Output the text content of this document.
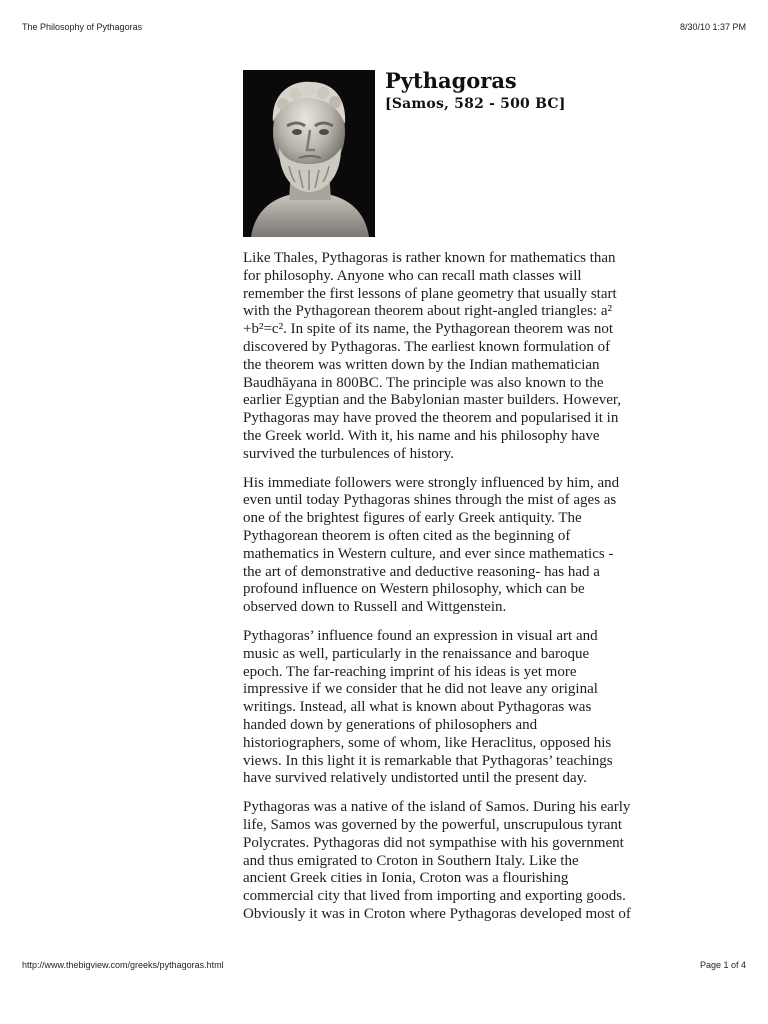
The Philosophy of Pythagoras	8/30/10 1:37 PM
Pythagoras
[Samos, 582 - 500 BC]
Like Thales, Pythagoras is rather known for mathematics than
for philosophy. Anyone who can recall math classes will
remember the first lessons of plane geometry that usually start
with the Pythagorean theorem about right-angled triangles: a²
+b²=c². In spite of its name, the Pythagorean theorem was not
discovered by Pythagoras. The earliest known formulation of
the theorem was written down by the Indian mathematician
Baudhāyana in 800BC. The principle was also known to the
earlier Egyptian and the Babylonian master builders. However,
Pythagoras may have proved the theorem and popularised it in
the Greek world. With it, his name and his philosophy have
survived the turbulences of history.
His immediate followers were strongly influenced by him, and
even until today Pythagoras shines through the mist of ages as
one of the brightest figures of early Greek antiquity. The
Pythagorean theorem is often cited as the beginning of
mathematics in Western culture, and ever since mathematics -
the art of demonstrative and deductive reasoning- has had a
profound influence on Western philosophy, which can be
observed down to Russell and Wittgenstein.
Pythagoras’ influence found an expression in visual art and
music as well, particularly in the renaissance and baroque
epoch. The far-reaching imprint of his ideas is yet more
impressive if we consider that he did not leave any original
writings. Instead, all what is known about Pythagoras was
handed down by generations of philosophers and
historiographers, some of whom, like Heraclitus, opposed his
views. In this light it is remarkable that Pythagoras’ teachings
have survived relatively undistorted until the present day.
Pythagoras was a native of the island of Samos. During his early
life, Samos was governed by the powerful, unscrupulous tyrant
Polycrates. Pythagoras did not sympathise with his government
and thus emigrated to Croton in Southern Italy. Like the
ancient Greek cities in Ionia, Croton was a flourishing
commercial city that lived from importing and exporting goods.
Obviously it was in Croton where Pythagoras developed most of
http://www.thebigview.com/greeks/pythagoras.html	Page 1 of 4
